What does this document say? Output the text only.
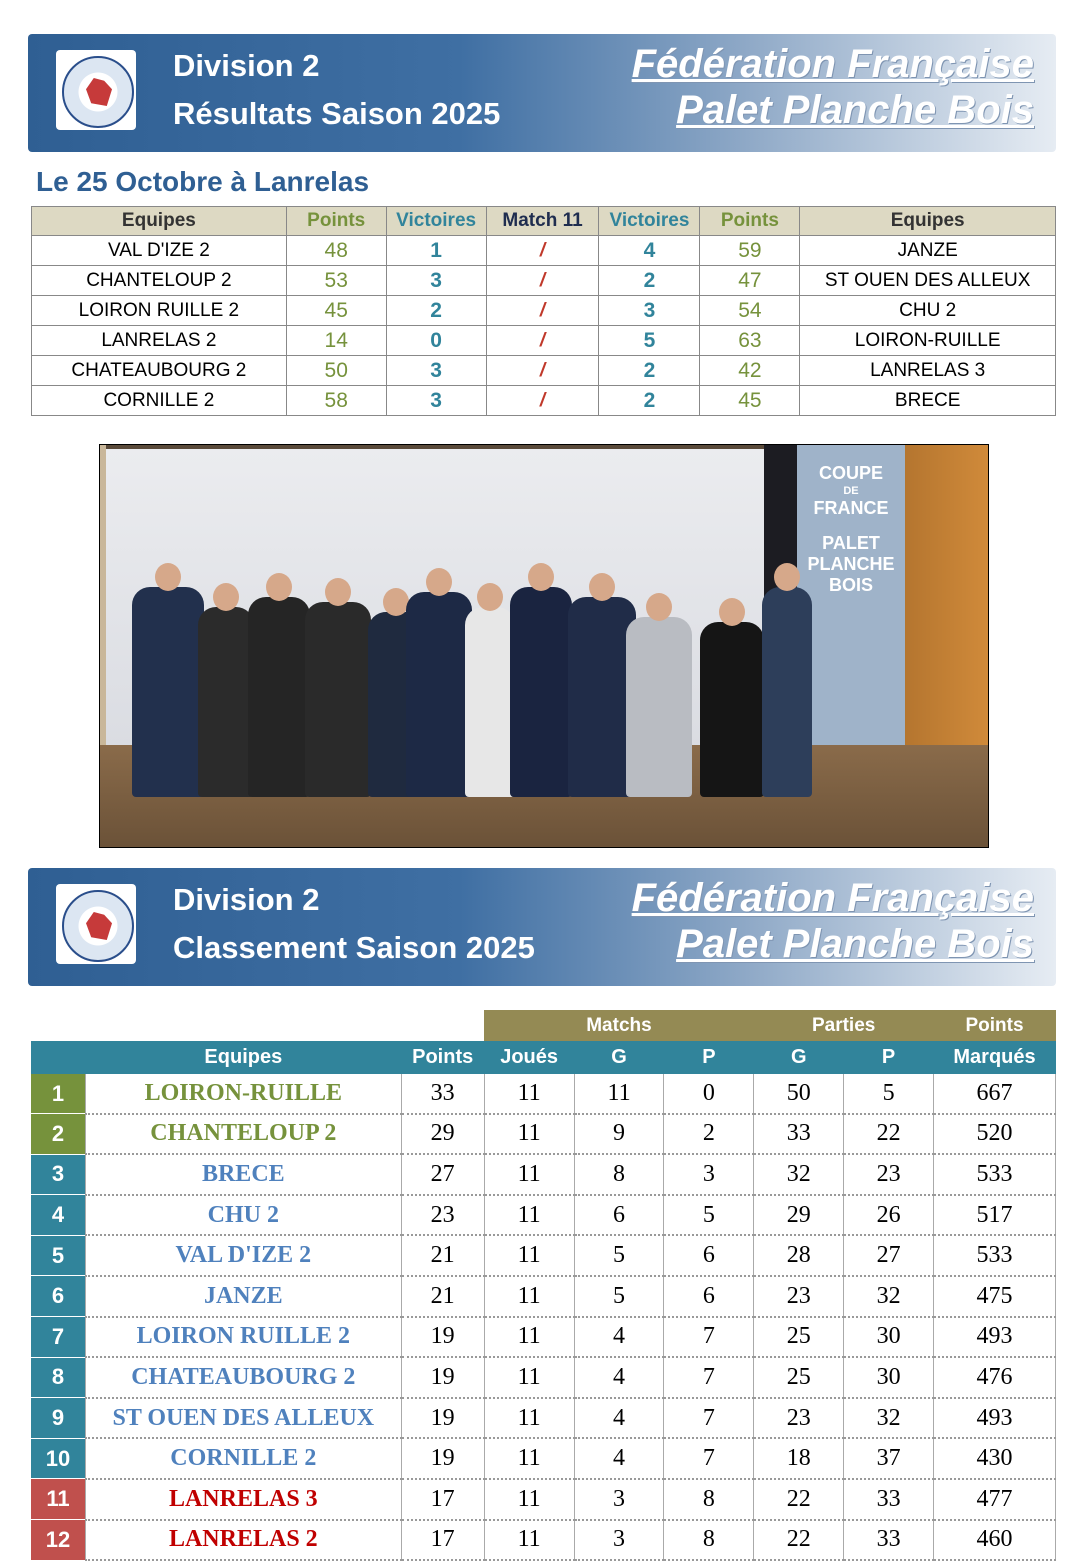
Division 2
Résultats Saison 2025
Fédération Française
Palet Planche Bois
Le 25 Octobre à Lanrelas
Equipes	Points	Victoires	Match 11	Victoires	Points	Equipes
VAL D'IZE 2	48	1	/	4	59	JANZE
CHANTELOUP 2	53	3	/	2	47	ST OUEN DES ALLEUX
LOIRON RUILLE 2	45	2	/	3	54	CHU 2
LANRELAS 2	14	0	/	5	63	LOIRON-RUILLE
CHATEAUBOURG 2	50	3	/	2	42	LANRELAS 3
CORNILLE 2	58	3	/	2	45	BRECE
COUPE
DE
FRANCE
PALET
PLANCHE
BOIS
Division 2
Classement Saison 2025
Fédération Française
Palet Planche Bois
			Matchs			Parties		Points
	Equipes	Points	Joués	G	P	G	P	Marqués
1	LOIRON-RUILLE	33	11	11	0	50	5	667
2	CHANTELOUP 2	29	11	9	2	33	22	520
3	BRECE	27	11	8	3	32	23	533
4	CHU 2	23	11	6	5	29	26	517
5	VAL D'IZE 2	21	11	5	6	28	27	533
6	JANZE	21	11	5	6	23	32	475
7	LOIRON RUILLE 2	19	11	4	7	25	30	493
8	CHATEAUBOURG 2	19	11	4	7	25	30	476
9	ST OUEN DES ALLEUX	19	11	4	7	23	32	493
10	CORNILLE 2	19	11	4	7	18	37	430
11	LANRELAS 3	17	11	3	8	22	33	477
12	LANRELAS 2	17	11	3	8	22	33	460
